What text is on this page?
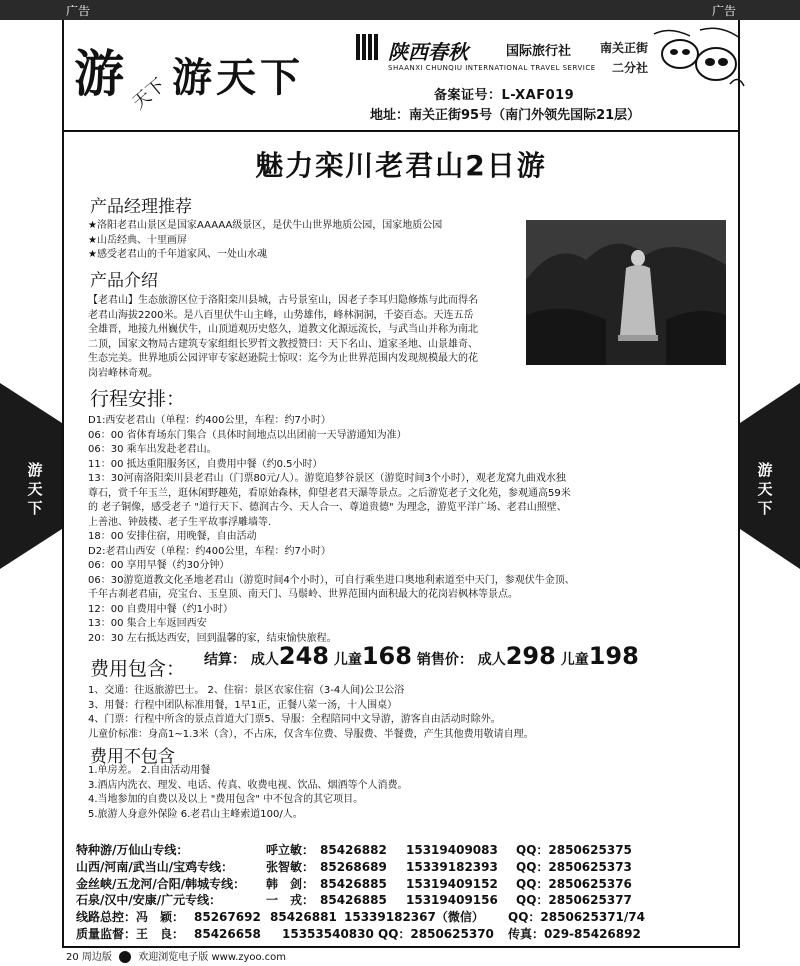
广告	广告
游
天
下
游
天
下
游 天下 游天下
陕西春秋	国际旅行社
SHAANXI CHUNQIU INTERNATIONAL TRAVEL SERVICE
南关正街
二分社
备案证号：L-XAF019
地址：南关正街95号（南门外领先国际21层）
魅力栾川老君山2日游
产品经理推荐
★洛阳老君山景区是国家AAAAA级景区，是伏牛山世界地质公园，国家地质公园
★山岳经典、十里画屏
★感受老君山的千年道家风、一处山水魂
产品介绍
【老君山】生态旅游区位于洛阳栾川县城，古号景室山，因老子李耳归隐修炼与此而得名
老君山海拔2200米。是八百里伏牛山主峰，山势雄伟，峰林洞洞，千姿百态。天连五岳
全雄晋，地接九州巍伏牛，山顶道观历史悠久，道教文化源远流长，与武当山并称为南北
二顶，国家文物局古建筑专家组组长罗哲文教授赞曰：天下名山、道家圣地、山景雄奇、
生态完美。世界地质公园评审专家赵逊院士惊叹：迄今为止世界范围内发现规模最大的花
岗岩峰林奇观。
行程安排：
D1:西安老君山（单程：约400公里，车程：约7小时）
06：00 省体育场东门集合（具体时间地点以出团前一天导游通知为准）
06：30 乘车出发赴老君山。
11：00 抵达重阳服务区，自费用中餐（约0.5小时）
13：30河南洛阳栾川县老君山（门票80元/人）。游览追梦谷景区（游览时间3个小时），观老龙窝九曲戏水独
尊石，赏千年玉兰，逛休闲野趣苑，看原始森林，仰望老君天瀑等景点。之后游览老子文化苑，参观通高59米
的 老子铜像，感受老子 "道行天下、德润古今、天人合一、尊道贵德" 为理念，游览平洋广场、老君山照壁、
上善池、钟鼓楼、老子生平故事浮雕墙等.
18：00 安排住宿，用晚餐，自由活动
D2:老君山西安（单程：约400公里，车程：约7小时）
06：00 享用早餐（约30分钟）
06：30游览道教文化圣地老君山（游览时间4个小时），可自行乘坐进口奥地利索道至中天门，参观伏牛金顶、
千年古刹老君庙，亮宝台、玉皇顶、南天门、马鬃岭、世界范围内面积最大的花岗岩枫林等景点。
12：00 自费用中餐（约1小时）
13：00 集合上车返回西安
20：30 左右抵达西安，回到温馨的家，结束愉快旅程。
费用包含： 结算： 成人248 儿童168 销售价： 成人298 儿童198
1、交通：往返旅游巴士。 2、住宿：景区农家住宿（3-4人间)公卫公浴
3、用餐：行程中团队标准用餐，1早1正，正餐八菜一汤，十人围桌）
4、门票：行程中所含的景点首道大门票5、导服：全程陪同中文导游，游客自由活动时除外。
儿童价标准：身高1~1.3米（含），不占床，仅含车位费、导服费、半餐费，产生其他费用敬请自理。
费用不包含
1.单房差。 2.自由活动用餐
3.酒店内洗衣、理发、电话、传真、收费电视、饮品、烟酒等个人消费。
4.当地参加的自费以及以上 "费用包含" 中不包含的其它项目。
5.旅游人身意外保险 6.老君山主峰索道100/人。
特种游/万仙山专线：	呼立敏： 85426882 15319409083 QQ：2850625375
山西/河南/武当山/宝鸡专线：	张智敏： 85268689 15339182393 QQ：2850625373
金丝峡/五龙河/合阳/韩城专线： 韩　剑： 85426885 15319409152 QQ：2850625376
石泉/汉中/安康/广元专线：	一　戎： 85426885 15319409156 QQ：2850625377
线路总控：冯　颖： 85267692 85426881 15339182367（微信） QQ：2850625371/74
质量监督：王　良： 85426658 15353540830 QQ：2850625370 传真：029-85426892
20 周边版	欢迎浏览电子版 www.zyoo.com
